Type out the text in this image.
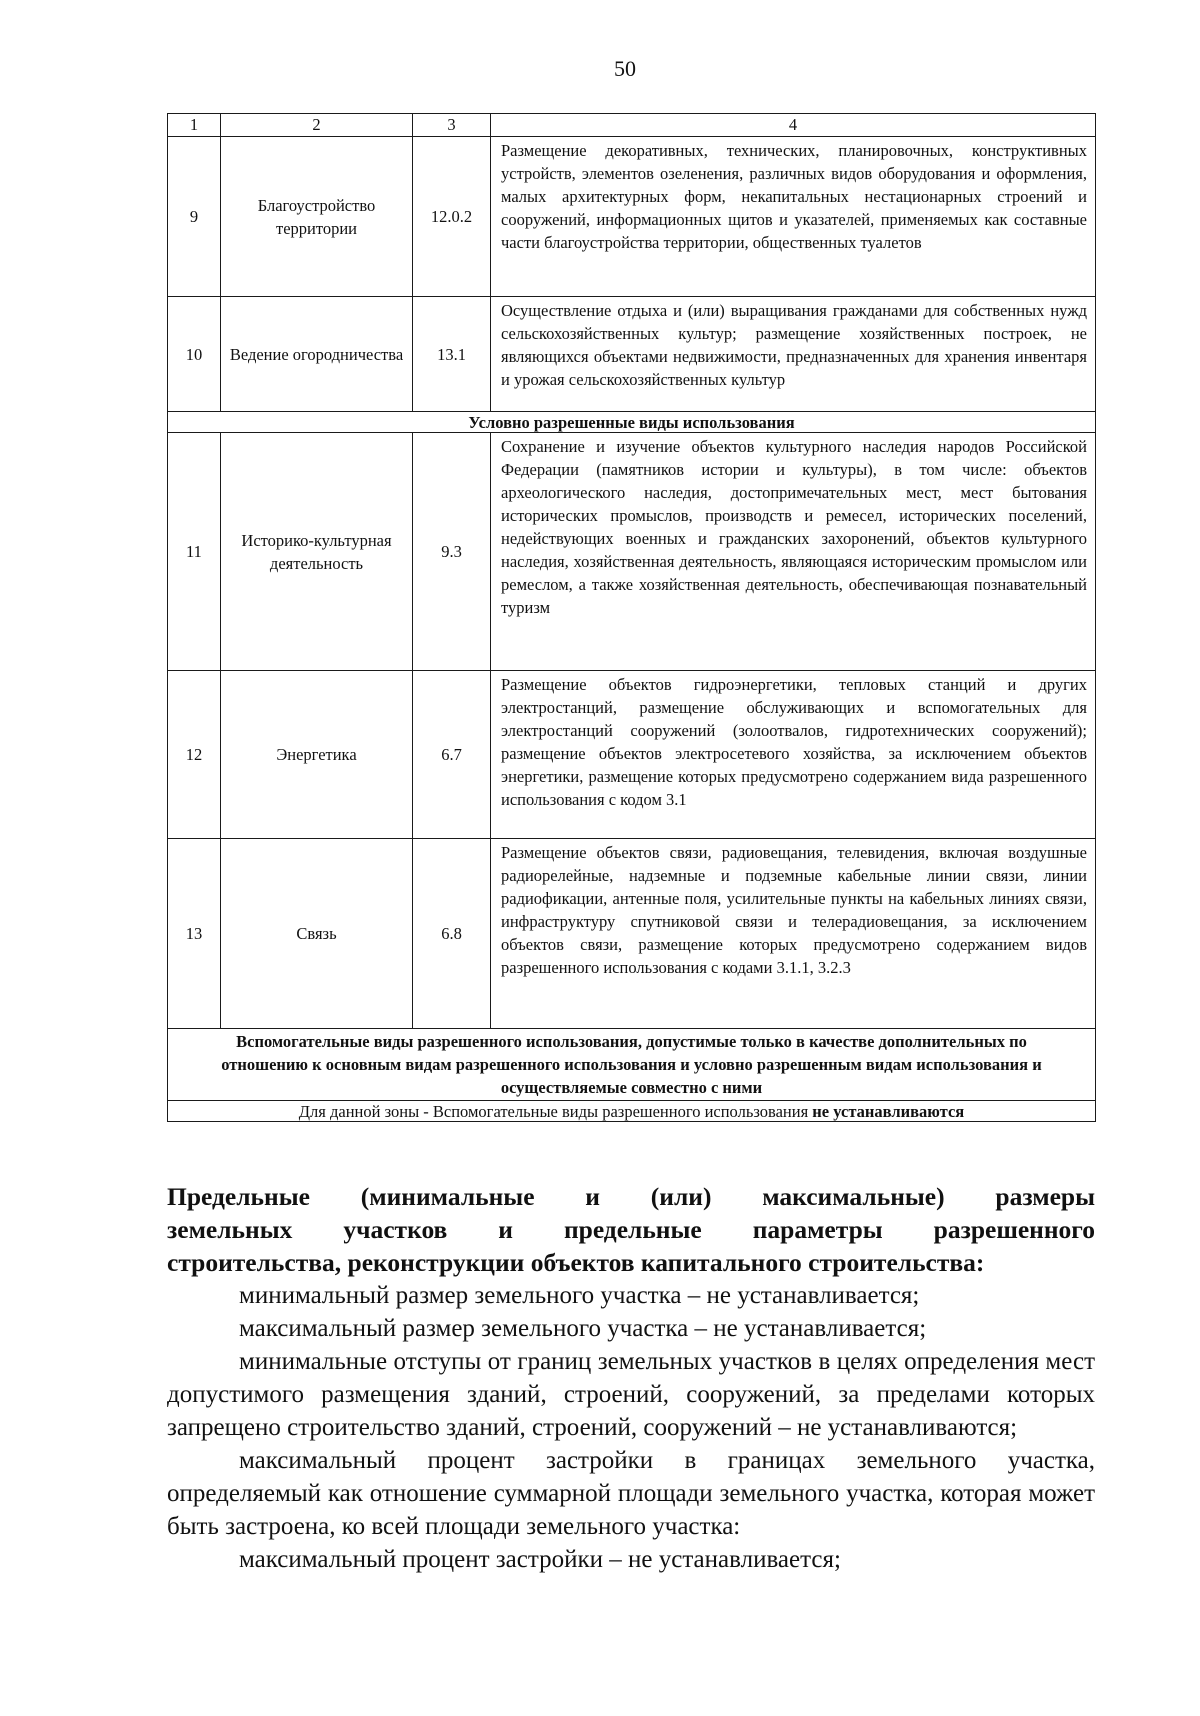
50
1	2	3	4
9	Благоустройство территории	12.0.2	Размещение декоративных, технических, планировочных, конструктивных устройств, элементов озеленения, различных видов оборудования и оформления, малых архитектурных форм, некапитальных нестационарных строений и сооружений, информационных щитов и указателей, применяемых как составные части благоустройства территории, общественных туалетов
10	Ведение огородничества	13.1	Осуществление отдыха и (или) выращивания гражданами для собственных нужд сельскохозяйственных культур; размещение хозяйственных построек, не являющихся объектами недвижимости, предназначенных для хранения инвентаря и урожая сельскохозяйственных культур
Условно разрешенные виды использования			
11	Историко-культурная деятельность	9.3	Сохранение и изучение объектов культурного наследия народов Российской Федерации (памятников истории и культуры), в том числе: объектов археологического наследия, достопримечательных мест, мест бытования исторических промыслов, производств и ремесел, исторических поселений, недействующих военных и гражданских захоронений, объектов культурного наследия, хозяйственная деятельность, являющаяся историческим промыслом или ремеслом, а также хозяйственная деятельность, обеспечивающая познавательный туризм
12	Энергетика	6.7	Размещение объектов гидроэнергетики, тепловых станций и других электростанций, размещение обслуживающих и вспомогательных для электростанций сооружений (золоотвалов, гидротехнических сооружений); размещение объектов электросетевого хозяйства, за исключением объектов энергетики, размещение которых предусмотрено содержанием вида разрешенного использования с кодом 3.1
13	Связь	6.8	Размещение объектов связи, радиовещания, телевидения, включая воздушные радиорелейные, надземные и подземные кабельные линии связи, линии радиофикации, антенные поля, усилительные пункты на кабельных линиях связи, инфраструктуру спутниковой связи и телерадиовещания, за исключением объектов связи, размещение которых предусмотрено содержанием видов разрешенного использования с кодами 3.1.1, 3.2.3
Вспомогательные виды разрешенного использования, допустимые только в качестве дополнительных по отношению к основным видам разрешенного использования и условно разрешенным видам использования и осуществляемые совместно с ними			
Для данной зоны - Вспомогательные виды разрешенного использования не устанавливаются			
Предельные (минимальные и (или) максимальные) размеры
земельных участков и предельные параметры разрешенного
строительства, реконструкции объектов капитального строительства:

минимальный размер земельного участка – не устанавливается;

максимальный размер земельного участка – не устанавливается;

минимальные отступы от границ земельных участков в целях определения мест допустимого размещения зданий, строений, сооружений, за пределами которых запрещено строительство зданий, строений, сооружений – не устанавливаются;

максимальный процент застройки в границах земельного участка, определяемый как отношение суммарной площади земельного участка, которая может быть застроена, ко всей площади земельного участка:

максимальный процент застройки – не устанавливается;
